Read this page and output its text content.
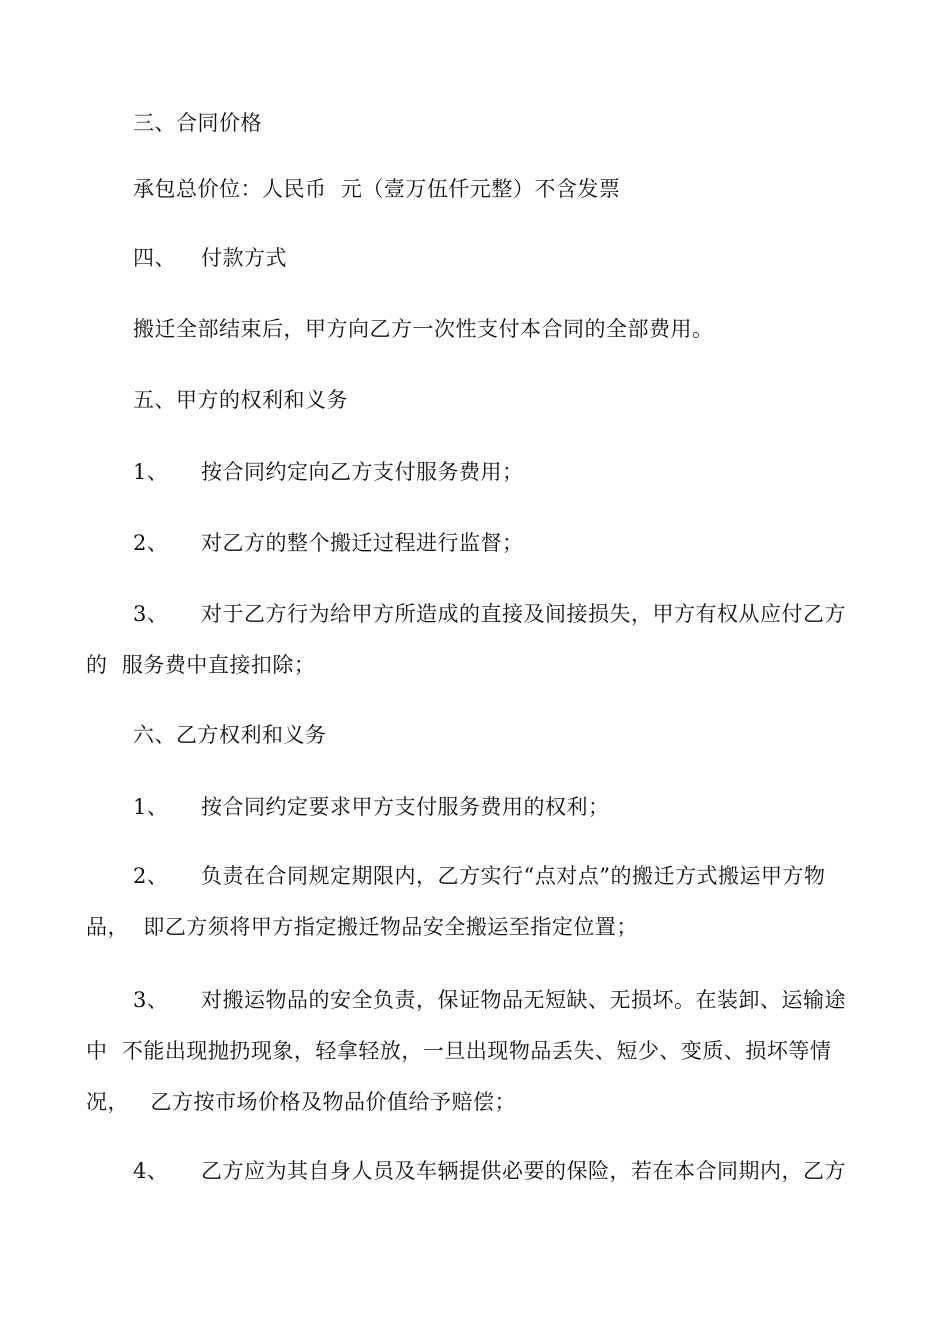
三、合同价格
承包总价位：人民币  元（壹万伍仟元整）不含发票
四、 付款方式
搬迁全部结束后，甲方向乙方一次性支付本合同的全部费用。
五、甲方的权利和义务
1、 按合同约定向乙方支付服务费用；
2、 对乙方的整个搬迁过程进行监督；
3、 对于乙方行为给甲方所造成的直接及间接损失，甲方有权从应付乙方
的  服务费中直接扣除；
六、乙方权利和义务
1、 按合同约定要求甲方支付服务费用的权利；
2、 负责在合同规定期限内，乙方实行“点对点”的搬迁方式搬运甲方物
品，  即乙方须将甲方指定搬迁物品安全搬运至指定位置；
3、 对搬运物品的安全负责，保证物品无短缺、无损坏。在装卸、运输途
中  不能出现抛扔现象，轻拿轻放，一旦出现物品丢失、短少、变质、损坏等情
况，   乙方按市场价格及物品价值给予赔偿；
4、 乙方应为其自身人员及车辆提供必要的保险，若在本合同期内，乙方
